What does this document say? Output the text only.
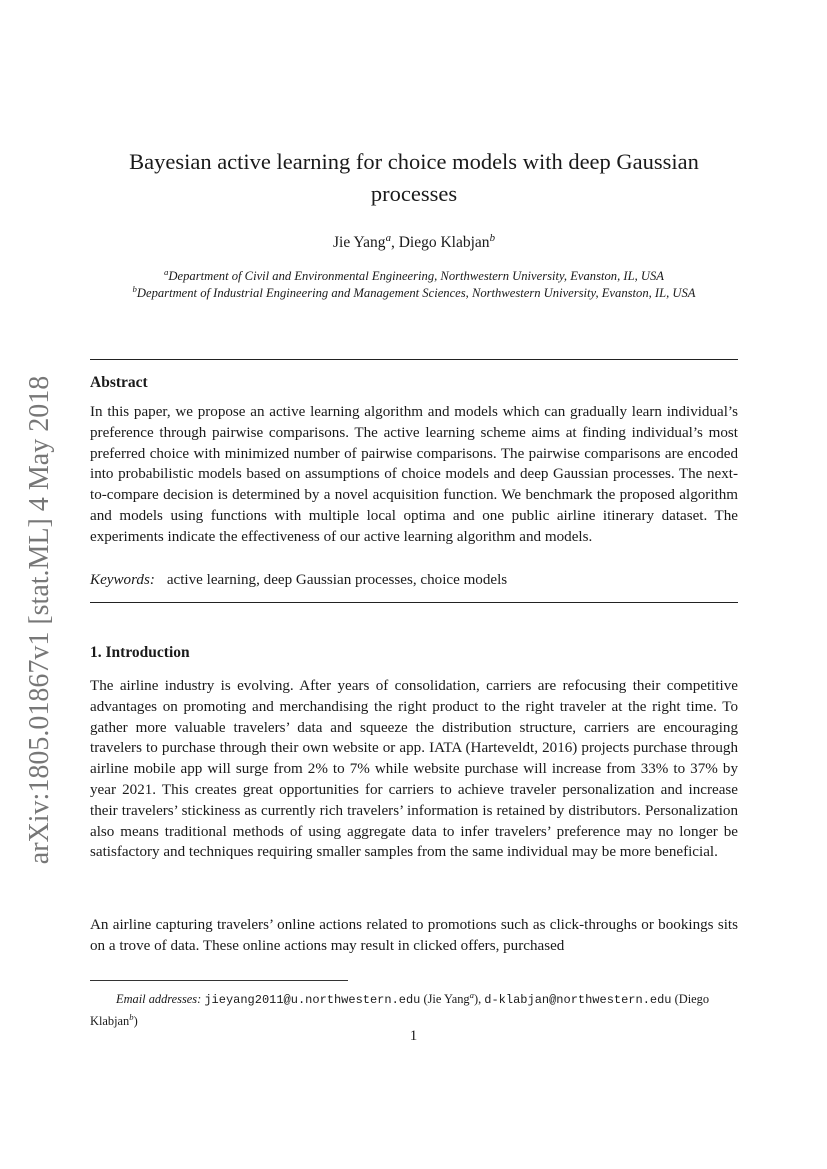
arXiv:1805.01867v1 [stat.ML] 4 May 2018
Bayesian active learning for choice models with deep Gaussian processes
Jie Yang$^a$, Diego Klabjan$^b$
$^a$Department of Civil and Environmental Engineering, Northwestern University, Evanston, IL, USA
$^b$Department of Industrial Engineering and Management Sciences, Northwestern University, Evanston, IL, USA
Abstract
In this paper, we propose an active learning algorithm and models which can gradually learn individual’s preference through pairwise comparisons. The active learning scheme aims at finding individual’s most preferred choice with minimized number of pairwise comparisons. The pairwise comparisons are encoded into probabilistic models based on assumptions of choice models and deep Gaussian processes. The next-to-compare decision is determined by a novel acquisition function. We benchmark the proposed algorithm and models using functions with multiple local optima and one public airline itinerary dataset. The experiments indicate the effectiveness of our active learning algorithm and models.
Keywords: active learning, deep Gaussian processes, choice models
1. Introduction
The airline industry is evolving. After years of consolidation, carriers are refocusing their competitive advantages on promoting and merchandising the right product to the right traveler at the right time. To gather more valuable travelers’ data and squeeze the distribution structure, carriers are encouraging travelers to purchase through their own website or app. IATA (Harteveldt, 2016) projects purchase through airline mobile app will surge from 2% to 7% while website purchase will increase from 33% to 37% by year 2021. This creates great opportunities for carriers to achieve traveler personalization and increase their travelers’ stickiness as currently rich travelers’ information is retained by distributors. Personalization also means traditional methods of using aggregate data to infer travelers’ preference may no longer be satisfactory and techniques requiring smaller samples from the same individual may be more beneficial.
An airline capturing travelers’ online actions related to promotions such as click-throughs or bookings sits on a trove of data. These online actions may result in clicked offers, purchased
Email addresses: jieyang2011@u.northwestern.edu (Jie Yang$^a$), d-klabjan@northwestern.edu (Diego Klabjan$^b$)
1
